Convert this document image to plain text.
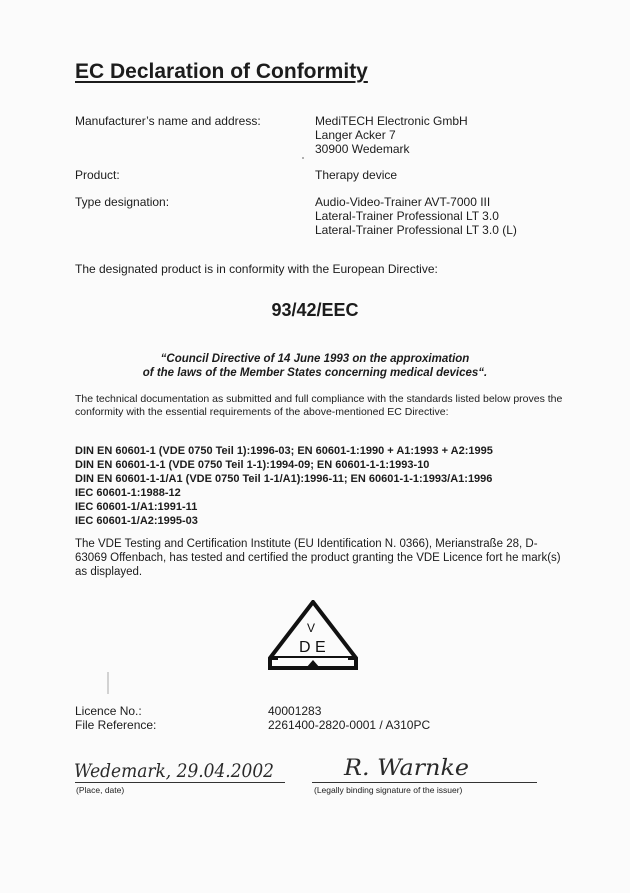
EC Declaration of Conformity
Manufacturer’s name and address:	MediTECH Electronic GmbH
Langer Acker 7
30900 Wedemark
Product:	Therapy device
Type designation:	Audio-Video-Trainer AVT-7000 III
Lateral-Trainer Professional LT 3.0
Lateral-Trainer Professional LT 3.0 (L)
The designated product is in conformity with the European Directive:
93/42/EEC
“Council Directive of 14 June 1993 on the approximation
of the laws of the Member States concerning medical devices“.
The technical documentation as submitted and full compliance with the standards listed below proves the conformity with the essential requirements of the above-mentioned EC Directive:
DIN EN 60601-1 (VDE 0750 Teil 1):1996-03; EN 60601-1:1990 + A1:1993 + A2:1995
DIN EN 60601-1-1 (VDE 0750 Teil 1-1):1994-09; EN 60601-1-1:1993-10
DIN EN 60601-1-1/A1 (VDE 0750 Teil 1-1/A1):1996-11; EN 60601-1-1:1993/A1:1996
IEC 60601-1:1988-12
IEC 60601-1/A1:1991-11
IEC 60601-1/A2:1995-03
The VDE Testing and Certification Institute (EU Identification N. 0366), Merianstraße 28, D-63069 Offenbach, has tested and certified the product granting the VDE Licence fort he mark(s) as displayed.
D
V
E
Licence No.:	40001283
File Reference:	2261400-2820-0001 / A310PC
Wedemark, 29.04.2002
(Place, date)
R. Warnke
(Legally binding signature of the issuer)
